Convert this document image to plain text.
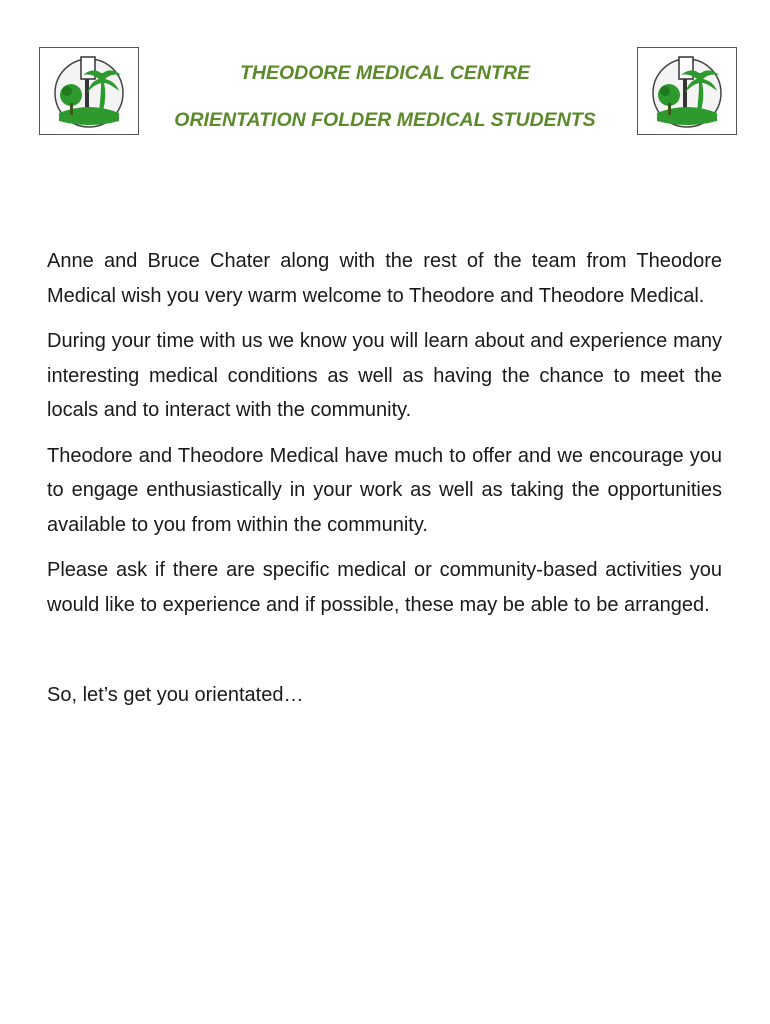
THEODORE MEDICAL CENTRE
ORIENTATION FOLDER MEDICAL STUDENTS

Anne and Bruce Chater along with the rest of the team from Theodore Medical wish you very warm welcome to Theodore and Theodore Medical.

During your time with us we know you will learn about and experience many interesting medical conditions as well as having the chance to meet the locals and to interact with the community.

Theodore and Theodore Medical have much to offer and we encourage you to engage enthusiastically in your work as well as taking the opportunities available to you from within the community.

Please ask if there are specific medical or community-based activities you would like to experience and if possible, these may be able to be arranged.

So, let’s get you orientated…
